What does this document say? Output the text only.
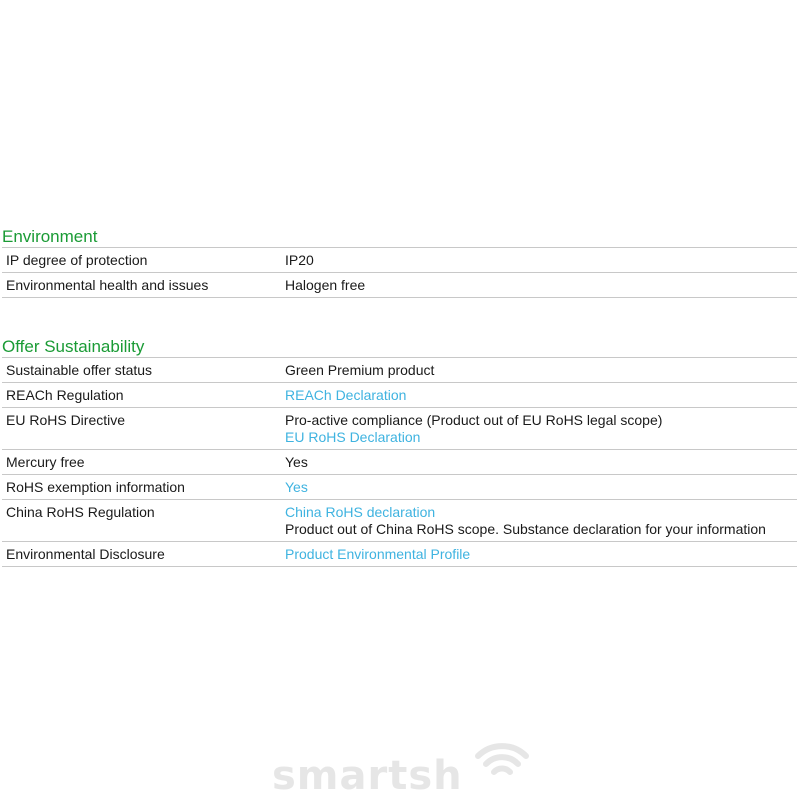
Environment
IP degree of protection	IP20
Environmental health and issues	Halogen free
Offer Sustainability
Sustainable offer status	Green Premium product
REACh Regulation	REACh Declaration
EU RoHS Directive	Pro-active compliance (Product out of EU RoHS legal scope)
EU RoHS Declaration
Mercury free	Yes
RoHS exemption information	Yes
China RoHS Regulation	China RoHS declaration
Product out of China RoHS scope. Substance declaration for your information
Environmental Disclosure	Product Environmental Profile
smartsh
